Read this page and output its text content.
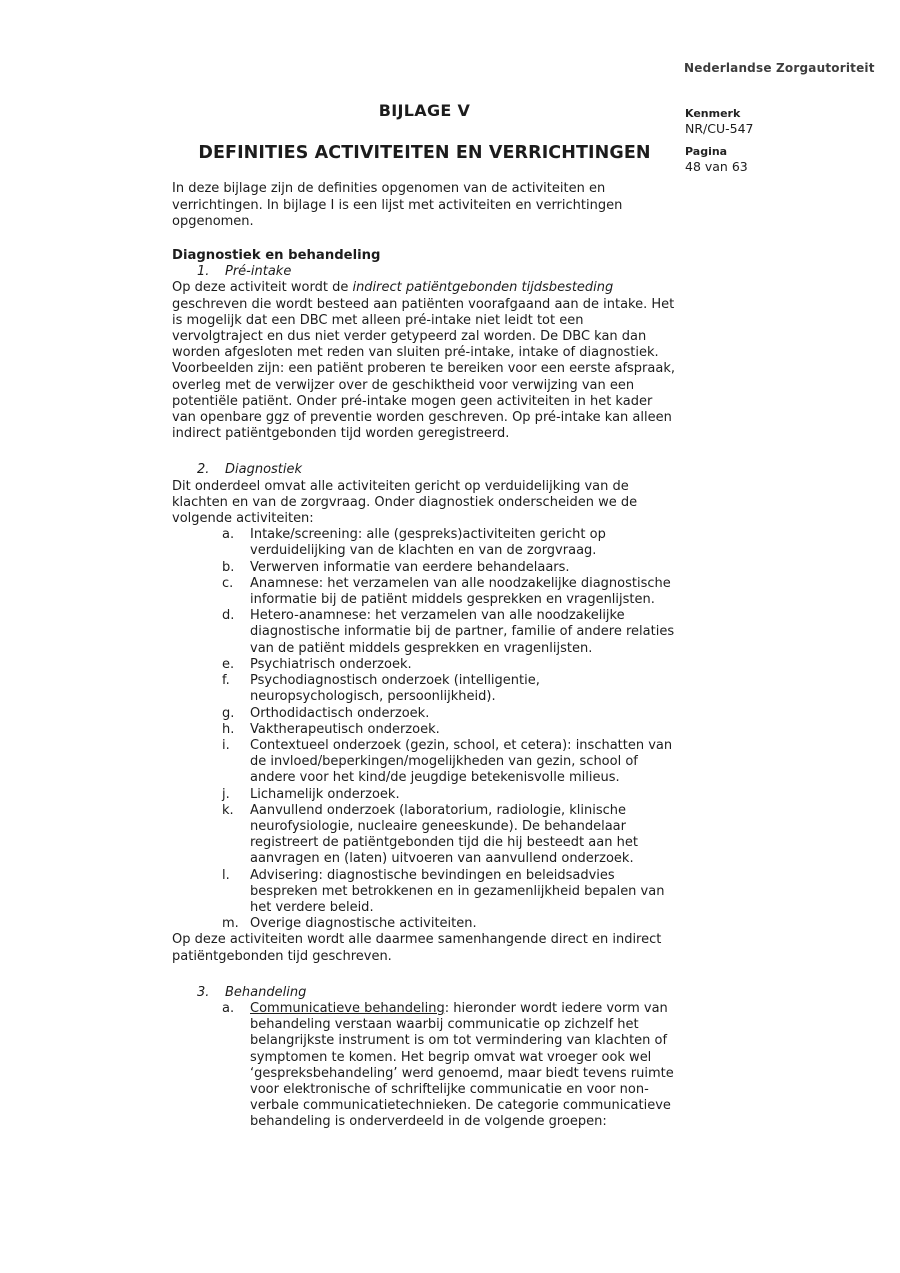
Nederlandse Zorgautoriteit
Kenmerk
NR/CU-547
Pagina
48 van 63
BIJLAGE V
DEFINITIES ACTIVITEITEN EN VERRICHTINGEN

In deze bijlage zijn de definities opgenomen van de activiteiten en verrichtingen. In bijlage I is een lijst met activiteiten en verrichtingen opgenomen.

Diagnostiek en behandeling
1. Pré-intake

Op deze activiteit wordt de indirect patiëntgebonden tijdsbesteding geschreven die wordt besteed aan patiënten voorafgaand aan de intake. Het is mogelijk dat een DBC met alleen pré-intake niet leidt tot een vervolgtraject en dus niet verder getypeerd zal worden. De DBC kan dan worden afgesloten met reden van sluiten pré-intake, intake of diagnostiek. Voorbeelden zijn: een patiënt proberen te bereiken voor een eerste afspraak, overleg met de verwijzer over de geschiktheid voor verwijzing van een potentiële patiënt. Onder pré-intake mogen geen activiteiten in het kader van openbare ggz of preventie worden geschreven. Op pré-intake kan alleen indirect patiëntgebonden tijd worden geregistreerd.

2. Diagnostiek

Dit onderdeel omvat alle activiteiten gericht op verduidelijking van de klachten en van de zorgvraag. Onder diagnostiek onderscheiden we de volgende activiteiten:

a.	Intake/screening: alle (gespreks)activiteiten gericht op verduidelijking van de klachten en van de zorgvraag.
b.	Verwerven informatie van eerdere behandelaars.
c.	Anamnese: het verzamelen van alle noodzakelijke diagnostische informatie bij de patiënt middels gesprekken en vragenlijsten.
d.	Hetero-anamnese: het verzamelen van alle noodzakelijke diagnostische informatie bij de partner, familie of andere relaties van de patiënt middels gesprekken en vragenlijsten.
e.	Psychiatrisch onderzoek.
f.	Psychodiagnostisch onderzoek (intelligentie, neuropsychologisch, persoonlijkheid).
g.	Orthodidactisch onderzoek.
h.	Vaktherapeutisch onderzoek.
i.	Contextueel onderzoek (gezin, school, et cetera): inschatten van de invloed/beperkingen/mogelijkheden van gezin, school of andere voor het kind/de jeugdige betekenisvolle milieus.
j.	Lichamelijk onderzoek.
k.	Aanvullend onderzoek (laboratorium, radiologie, klinische neurofysiologie, nucleaire geneeskunde). De behandelaar registreert de patiëntgebonden tijd die hij besteedt aan het aanvragen en (laten) uitvoeren van aanvullend onderzoek.
l.	Advisering: diagnostische bevindingen en beleidsadvies bespreken met betrokkenen en in gezamenlijkheid bepalen van het verdere beleid.
m. Overige diagnostische activiteiten.

Op deze activiteiten wordt alle daarmee samenhangende direct en indirect patiëntgebonden tijd geschreven.

3. Behandeling
a.	Communicatieve behandeling: hieronder wordt iedere vorm van behandeling verstaan waarbij communicatie op zichzelf het belangrijkste instrument is om tot vermindering van klachten of symptomen te komen. Het begrip omvat wat vroeger ook wel ‘gespreksbehandeling’ werd genoemd, maar biedt tevens ruimte voor elektronische of schriftelijke communicatie en voor non-verbale communicatietechnieken. De categorie communicatieve behandeling is onderverdeeld in de volgende groepen:
